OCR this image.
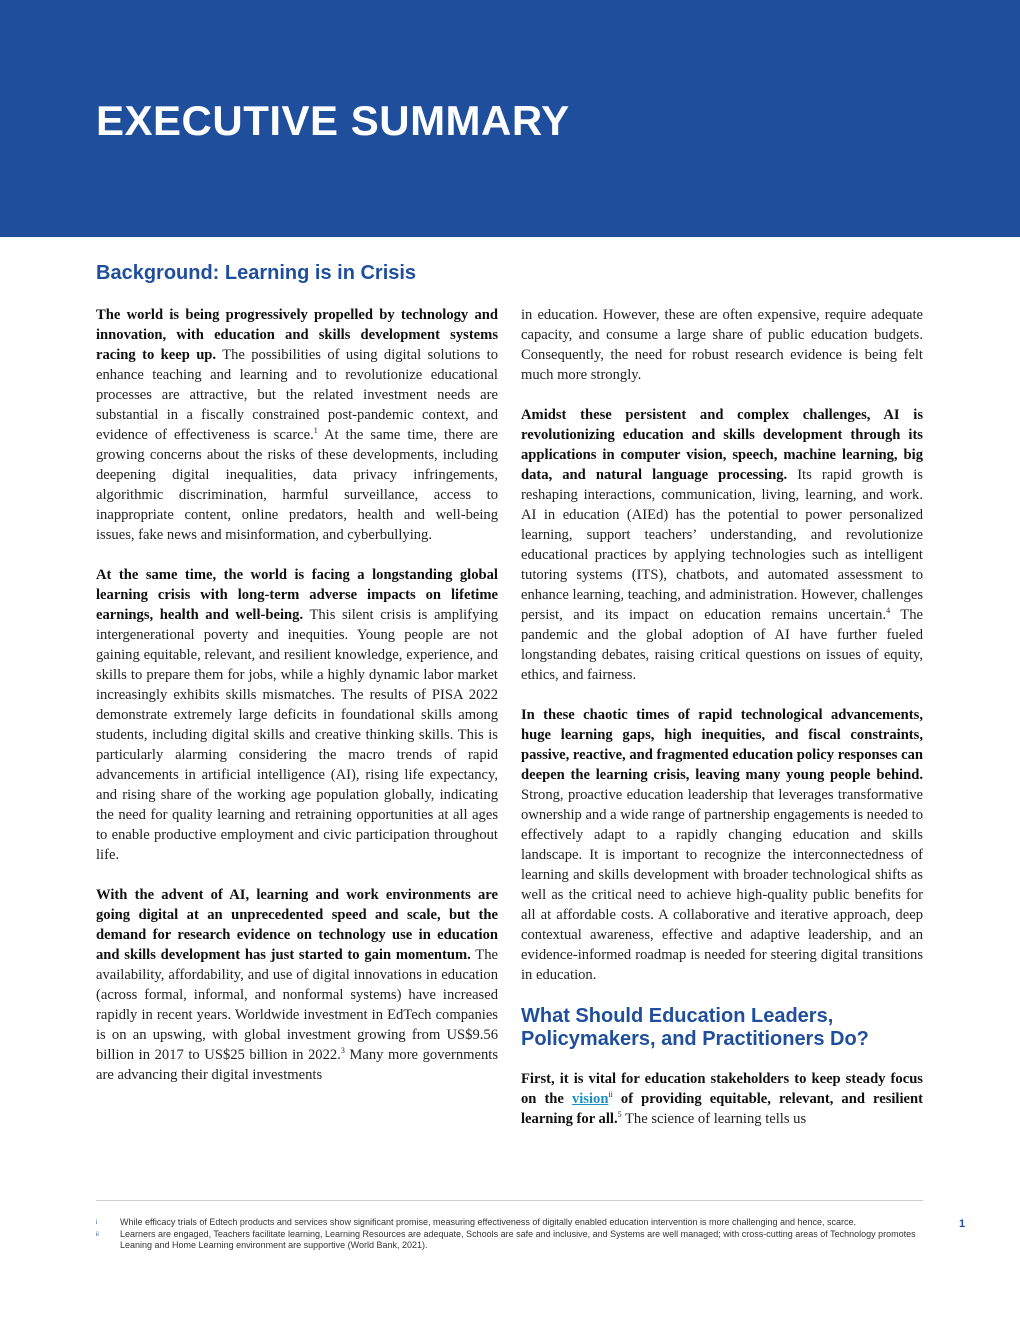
EXECUTIVE SUMMARY
Background: Learning is in Crisis

The world is being progressively propelled by technology and innovation, with education and skills development systems racing to keep up. The possibilities of using digital solutions to enhance teaching and learning and to revolutionize educational processes are attractive, but the related investment needs are substantial in a fiscally constrained post-pandemic context, and evidence of effectiveness is scarce.$^1$ At the same time, there are growing concerns about the risks of these developments, including deepening digital inequalities, data privacy infringements, algorithmic discrimination, harmful surveillance, access to inappropriate content, online predators, health and well-being issues, fake news and misinformation, and cyberbullying.

At the same time, the world is facing a longstanding global learning crisis with long-term adverse impacts on lifetime earnings, health and well-being. This silent crisis is amplifying intergenerational poverty and inequities. Young people are not gaining equitable, relevant, and resilient knowledge, experience, and skills to prepare them for jobs, while a highly dynamic labor market increasingly exhibits skills mismatches. The results of PISA 2022 demonstrate extremely large deficits in foundational skills among students, including digital skills and creative thinking skills. This is particularly alarming considering the macro trends of rapid advancements in artificial intelligence (AI), rising life expectancy, and rising share of the working age population globally, indicating the need for quality learning and retraining opportunities at all ages to enable productive employment and civic participation throughout life.

With the advent of AI, learning and work environments are going digital at an unprecedented speed and scale, but the demand for research evidence on technology use in education and skills development has just started to gain momentum. The availability, affordability, and use of digital innovations in education (across formal, informal, and nonformal systems) have increased rapidly in recent years. Worldwide investment in EdTech companies is on an upswing, with global investment growing from US$9.56 billion in 2017 to US$25 billion in 2022.$^3$ Many more governments are advancing their digital investments

in education. However, these are often expensive, require adequate capacity, and consume a large share of public education budgets. Consequently, the need for robust research evidence is being felt much more strongly.

Amidst these persistent and complex challenges, AI is revolutionizing education and skills development through its applications in computer vision, speech, machine learning, big data, and natural language processing. Its rapid growth is reshaping interactions, communication, living, learning, and work. AI in education (AIEd) has the potential to power personalized learning, support teachers’ understanding, and revolutionize educational practices by applying technologies such as intelligent tutoring systems (ITS), chatbots, and automated assessment to enhance learning, teaching, and administration. However, challenges persist, and its impact on education remains uncertain.$^4$ The pandemic and the global adoption of AI have further fueled longstanding debates, raising critical questions on issues of equity, ethics, and fairness.

In these chaotic times of rapid technological advancements, huge learning gaps, high inequities, and fiscal constraints, passive, reactive, and fragmented education policy responses can deepen the learning crisis, leaving many young people behind. Strong, proactive education leadership that leverages transformative ownership and a wide range of partnership engagements is needed to effectively adapt to a rapidly changing education and skills landscape. It is important to recognize the interconnectedness of learning and skills development with broader technological shifts as well as the critical need to achieve high-quality public benefits for all at affordable costs. A collaborative and iterative approach, deep contextual awareness, effective and adaptive leadership, and an evidence-informed roadmap is needed for steering digital transitions in education.

What Should Education Leaders, Policymakers, and Practitioners Do?

First, it is vital for education stakeholders to keep steady focus on the vision$^{ii}$ of providing equitable, relevant, and resilient learning for all.$^5$ The science of learning tells us

i	While efficacy trials of Edtech products and services show significant promise, measuring effectiveness of digitally enabled education intervention is more challenging and hence, scarce.
ii	Learners are engaged, Teachers facilitate learning, Learning Resources are adequate, Schools are safe and inclusive, and Systems are well managed; with cross-cutting areas of Technology promotes Leaning and Home Learning environment are supportive (World Bank, 2021).
1
